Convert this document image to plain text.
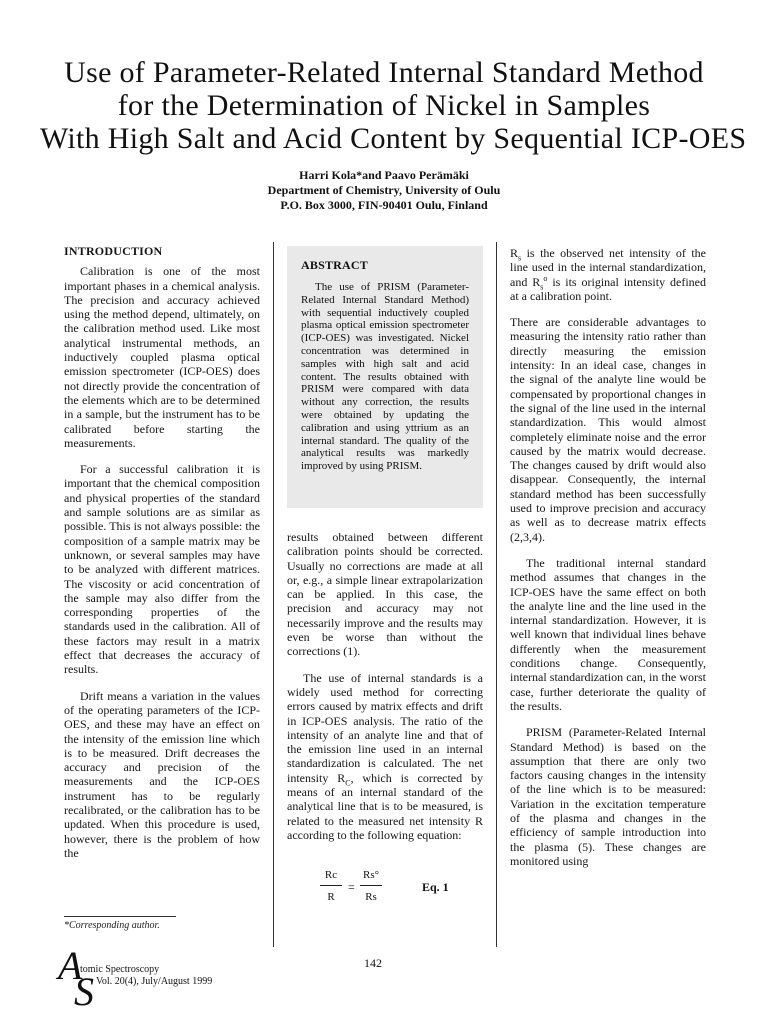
Use of Parameter-Related Internal Standard Method
for the Determination of Nickel in Samples
With High Salt and Acid Content by Sequential ICP-OES
Harri Kola*and Paavo Perämäki
Department of Chemistry, University of Oulu
P.O. Box 3000, FIN-90401 Oulu, Finland
INTRODUCTION

Calibration is one of the most important phases in a chemical analysis. The precision and accuracy achieved using the method depend, ultimately, on the calibration method used. Like most analytical instrumental methods, an inductively coupled plasma optical emission spectrometer (ICP-OES) does not directly provide the concentration of the elements which are to be determined in a sample, but the instrument has to be calibrated before starting the measurements.

For a successful calibration it is important that the chemical composition and physical properties of the standard and sample solutions are as similar as possible. This is not always possible: the composition of a sample matrix may be unknown, or several samples may have to be analyzed with different matrices. The viscosity or acid concentration of the sample may also differ from the corresponding properties of the standards used in the calibration. All of these factors may result in a matrix effect that decreases the accuracy of results.

Drift means a variation in the values of the operating parameters of the ICP-OES, and these may have an effect on the intensity of the emission line which is to be measured. Drift decreases the accuracy and precision of the measurements and the ICP-OES instrument has to be regularly recalibrated, or the calibration has to be updated. When this procedure is used, however, there is the problem of how the

ABSTRACT

The use of PRISM (Parameter-Related Internal Standard Method) with sequential inductively coupled plasma optical emission spectrometer (ICP-OES) was investigated. Nickel concentration was determined in samples with high salt and acid content. The results obtained with PRISM were compared with data without any correction, the results were obtained by updating the calibration and using yttrium as an internal standard. The quality of the analytical results was markedly improved by using PRISM.

results obtained between different calibration points should be corrected. Usually no corrections are made at all or, e.g., a simple linear extrapolarization can be applied. In this case, the precision and accuracy may not necessarily improve and the results may even be worse than without the corrections (1).

The use of internal standards is a widely used method for correcting errors caused by matrix effects and drift in ICP-OES analysis. The ratio of the intensity of an analyte line and that of the emission line used in an internal standardization is calculated. The net intensity $R_C$, which is corrected by means of an internal standard of the analytical line that is to be measured, is related to the measured net intensity R according to the following equation:

Rc
R
=
Rs°
Rs
Eq. 1

$R_s$ is the observed net intensity of the line used in the internal standardization, and $R_s^o$ is its original intensity defined at a calibration point.

There are considerable advantages to measuring the intensity ratio rather than directly measuring the emission intensity: In an ideal case, changes in the signal of the analyte line would be compensated by proportional changes in the signal of the line used in the internal standardization. This would almost completely eliminate noise and the error caused by the matrix would decrease. The changes caused by drift would also disappear. Consequently, the internal standard method has been successfully used to improve precision and accuracy as well as to decrease matrix effects (2,3,4).

The traditional internal standard method assumes that changes in the ICP-OES have the same effect on both the analyte line and the line used in the internal standardization. However, it is well known that individual lines behave differently when the measurement conditions change. Consequently, internal standardization can, in the worst case, further deteriorate the quality of the results.

PRISM (Parameter-Related Internal Standard Method) is based on the assumption that there are only two factors causing changes in the intensity of the line which is to be measured: Variation in the excitation temperature of the plasma and changes in the efficiency of sample introduction into the plasma (5). These changes are monitored using

*Corresponding author.
142
A
S
tomic Spectroscopy
Vol. 20(4), July/August 1999
